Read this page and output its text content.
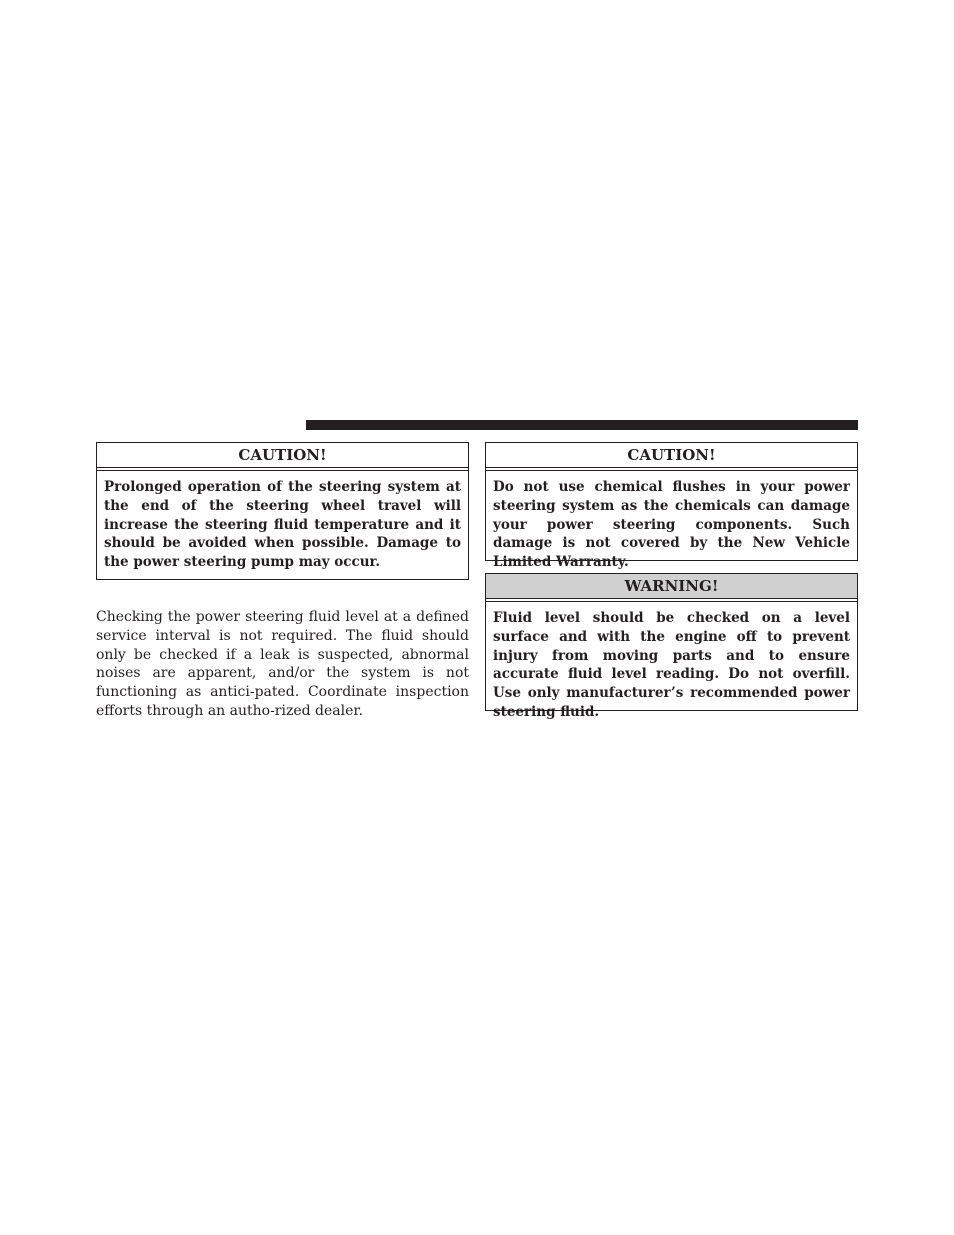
CAUTION!
Prolonged operation of the steering system at the end of the steering wheel travel will increase the steering fluid temperature and it should be avoided when possible. Damage to the power steering pump may occur.

Checking the power steering fluid level at a defined service interval is not required. The fluid should only be checked if a leak is suspected, abnormal noises are apparent, and/or the system is not functioning as antici-pated. Coordinate inspection efforts through an autho-rized dealer.

CAUTION!
Do not use chemical flushes in your power steering system as the chemicals can damage your power steering components. Such damage is not covered by the New Vehicle Limited Warranty.
WARNING!
Fluid level should be checked on a level surface and with the engine off to prevent injury from moving parts and to ensure accurate fluid level reading. Do not overfill. Use only manufacturer’s recommended power steering fluid.
